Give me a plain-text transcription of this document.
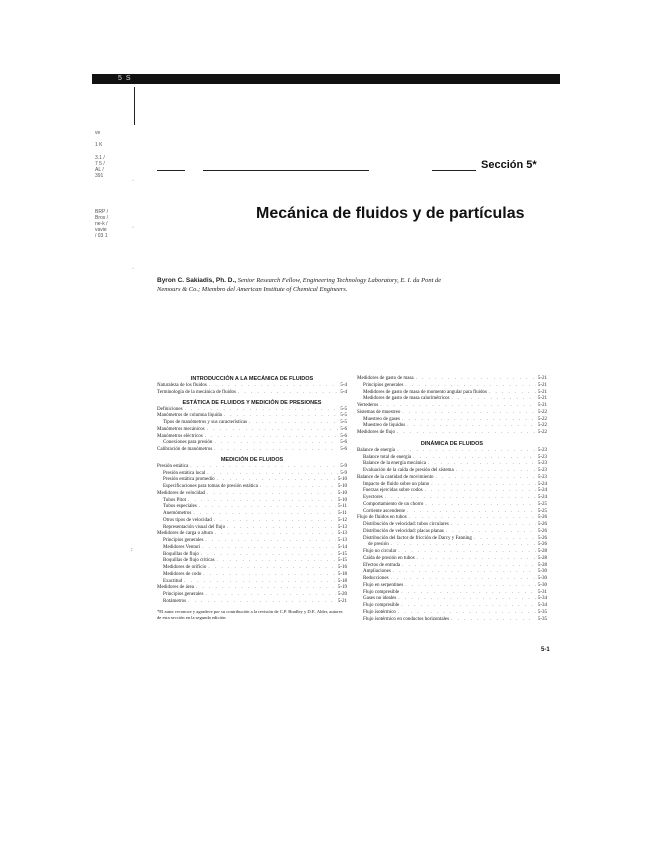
5 S
ve
1 K
3.1 / 7 5 / AL / 391
BRP / Bros / ne-k / vavie / 03 1
·
·
·
Sección 5*
Mecánica de fluidos y de partículas
Byron C. Sakiadis, Ph. D., Senior Research Fellow, Engineering Technology Laboratory, E. I. du Pont de Nemours & Co.; Miembro del American Institute of Chemical Engineers.
INTRODUCCIÓN A LA MECÁNICA DE FLUIDOS
Naturaleza de los fluidos . . .	5-4
Terminología de la mecánica de fluidos . . .	5-4
ESTÁTICA DE FLUIDOS Y MEDICIÓN DE PRESIONES
Definiciones . . .	5-5
Manómetros de columna líquida . . .	5-5
Tipos de manómetros y sus características . . .	5-5
Manómetros mecánicos . . .	5-6
Manómetros eléctricos . . .	5-6
Conexiones para presión . . .	5-6
Calibración de manómetros . . .	5-6
MEDICIÓN DE FLUIDOS
Presión estática . . .	5-9
Presión estática local . . .	5-9
Presión estática promedio . . .	5-10
Especificaciones para tomas de presión estática . . .	5-10
Medidores de velocidad . . .	5-10
Tubos Pitot . . .	5-10
Tubos especiales . . .	5-11
Anemómetros . . .	5-11
Otros tipos de velocidad . . .	5-12
Representación visual del flujo . . .	5-13
Medidores de carga o altura . . .	5-13
Principios generales . . .	5-13
Medidores Venturi . . .	5-14
Boquillas de flujo . . .	5-15
Boquillas de flujo críticas . . .	5-15
Medidores de orificio . . .	5-16
Medidores de codo . . .	5-18
Exactitud . . .	5-18
Medidores de área . . .	5-19
Principios generales . . .	5-20
Rotámetros . . .	5-21
*El autor reconoce y agradece por su contribución a la revisión de C.P. Bradley y D.E. Alder, autores de esta sección en la segunda edición.
Medidores de gasto de masa . . .	5-21
Principios generales . . .	5-21
Medidores de gasto de masa de momento angular para fluidos . . .	5-21
Medidores de gasto de masa calorimétricos . . .	5-21
Vertederos . . .	5-21
Sistemas de muestreo . . .	5-22
Muestreo de gases . . .	5-22
Muestreo de líquidos . . .	5-22
Medidores de flujo . . .	5-22
DINÁMICA DE FLUIDOS
Balance de energía . . .	5-23
Balance total de energía . . .	5-23
Balance de la energía mecánica . . .	5-23
Evaluación de la caída de presión del sistema . . .	5-23
Balance de la cantidad de movimiento . . .	5-23
Impacto de fluido sobre un plano . . .	5-24
Fuerzas ejercidas sobre codos . . .	5-24
Eyectores . . .	5-24
Comportamiento de un chorro . . .	5-25
Corriente ascendente . . .	5-25
Flujo de fluidos en tubos . . .	5-26
Distribución de velocidad: tubos circulares . . .	5-26
Distribución de velocidad: placas planas . . .	5-26
Distribución del factor de fricción de Darcy y Fanning . . .	5-26
de presión . . .	5-26
Flujo no circular . . .	5-28
Caída de presión en tubos . . .	5-28
Efectos de entrada . . .	5-28
Ampliaciones . . .	5-30
Reducciones . . .	5-30
Flujo en serpentines . . .	5-30
Flujo compresible . . .	5-31
Gases no ideales . . .	5-34
Flujo compresible . . .	5-34
Flujo isotérmico . . .	5-35
Flujo isotérmico en conductos horizontales . . .	5-35
:
5-1
